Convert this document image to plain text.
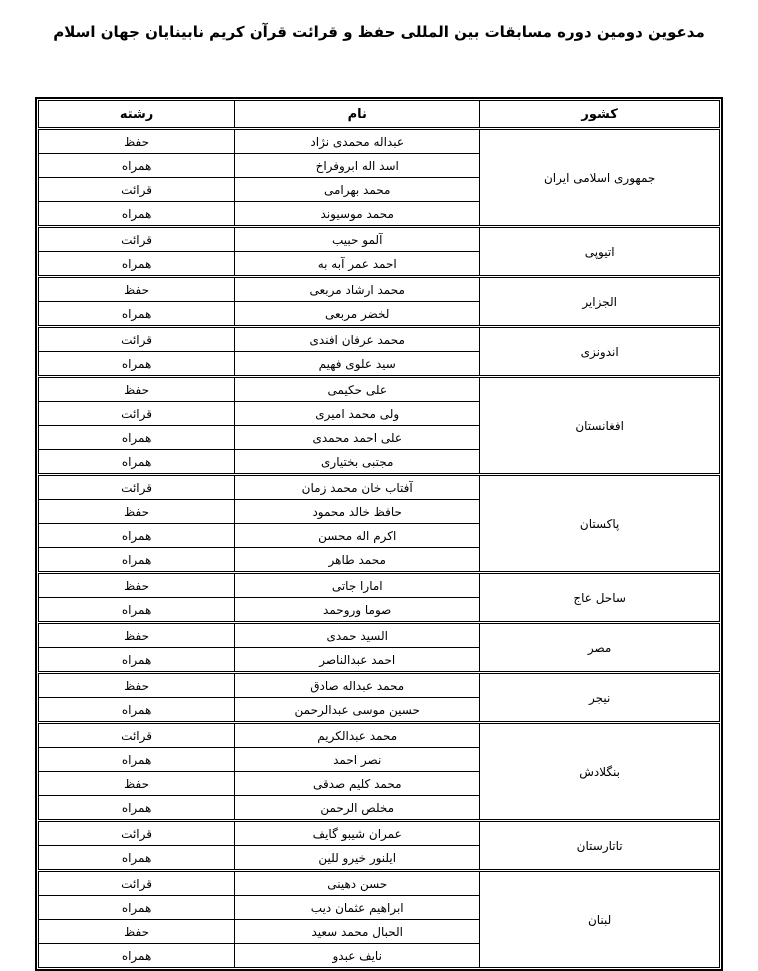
مدعوین دومین دوره مسابقات بین المللی حفظ و قرائت قرآن کریم نابینایان جهان اسلام
کشور	نام	رشته
جمهوری اسلامی ایران	عبداله محمدی نژاد	حفظ
	اسد اله ابروفراخ	همراه
	محمد بهرامی	قرائت
	محمد موسیوند	همراه
اتیوپی	آلمو حبیب	قرائت
	احمد عمر آبه به	همراه
الجزایر	محمد ارشاد مربعی	حفظ
	لخضر مربعی	همراه
اندونزی	محمد عرفان افندی	قرائت
	سید علوی فهیم	همراه
افغانستان	علی حکیمی	حفظ
	ولی محمد امیری	قرائت
	علی احمد محمدی	همراه
	مجتبی بختیاری	همراه
پاکستان	آفتاب خان محمد زمان	قرائت
	حافظ خالد محمود	حفظ
	اکرم اله محسن	همراه
	محمد طاهر	همراه
ساحل عاج	امارا جاتی	حفظ
	صوما وروحمد	همراه
مصر	السید حمدی	حفظ
	احمد عبدالناصر	همراه
نیجر	محمد عبداله صادق	حفظ
	حسین موسی عبدالرحمن	همراه
بنگلادش	محمد عبدالکریم	قرائت
	نصر احمد	همراه
	محمد کلیم صدقی	حفظ
	مخلص الرحمن	همراه
تاتارستان	عمران شیبو گایف	قرائت
	ایلنور خیرو للین	همراه
لبنان	حسن دهینی	قرائت
	ابراهیم عثمان دیب	همراه
	الحبال محمد سعید	حفظ
	نایف عبدو	همراه
